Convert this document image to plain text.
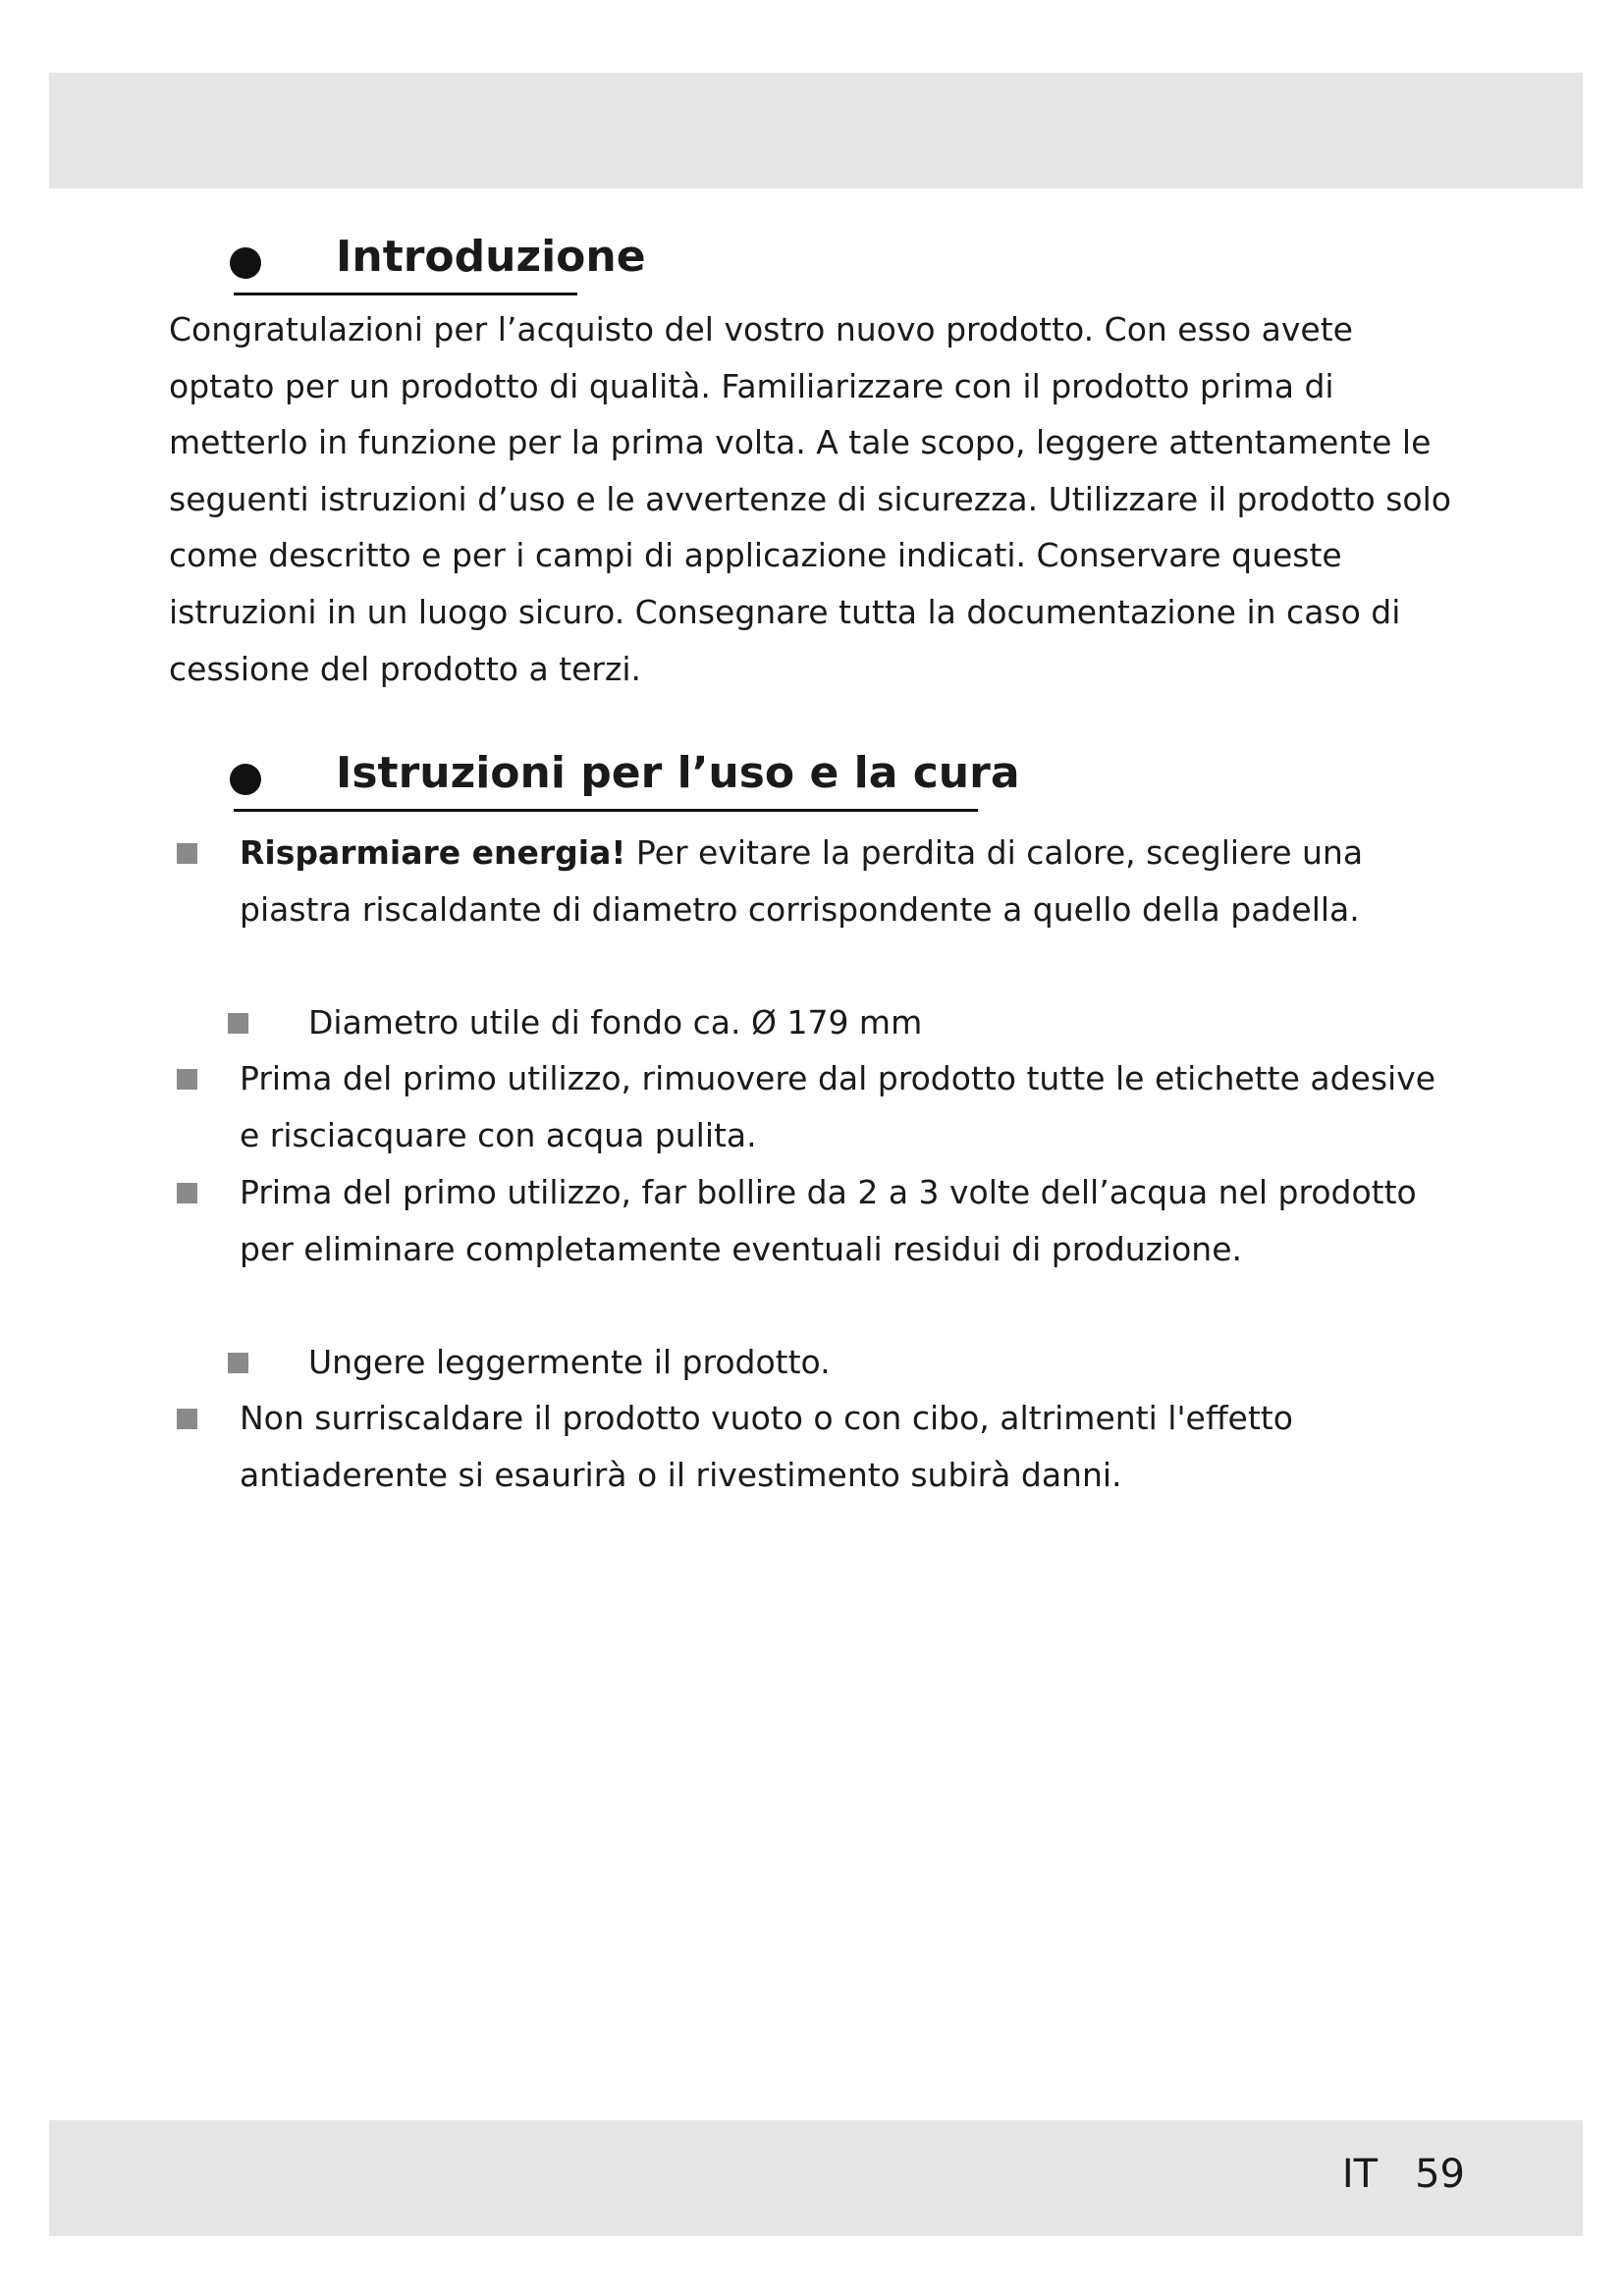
Introduzione

Congratulazioni per l’acquisto del vostro nuovo prodotto. Con esso avete optato per un prodotto di qualità. Familiarizzare con il prodotto prima di metterlo in funzione per la prima volta. A tale scopo, leggere attentamente le seguenti istruzioni d’uso e le avvertenze di sicurezza. Utilizzare il prodotto solo come descritto e per i campi di applicazione indicati. Conservare queste istruzioni in un luogo sicuro. Consegnare tutta la documentazione in caso di cessione del prodotto a terzi.

Istruzioni per l’uso e la cura

Risparmiare energia! Per evitare la perdita di calore, scegliere una piastra riscaldante di diametro corrispondente a quello della padella.

Diametro utile di fondo ca. Ø 179 mm

Prima del primo utilizzo, rimuovere dal prodotto tutte le etichette adesive e risciacquare con acqua pulita.

Prima del primo utilizzo, far bollire da 2 a 3 volte dell’acqua nel prodotto per eliminare completamente eventuali residui di produzione.

Ungere leggermente il prodotto.

Non surriscaldare il prodotto vuoto o con cibo, altrimenti l'effetto antiaderente si esaurirà o il rivestimento subirà danni.

IT 59
